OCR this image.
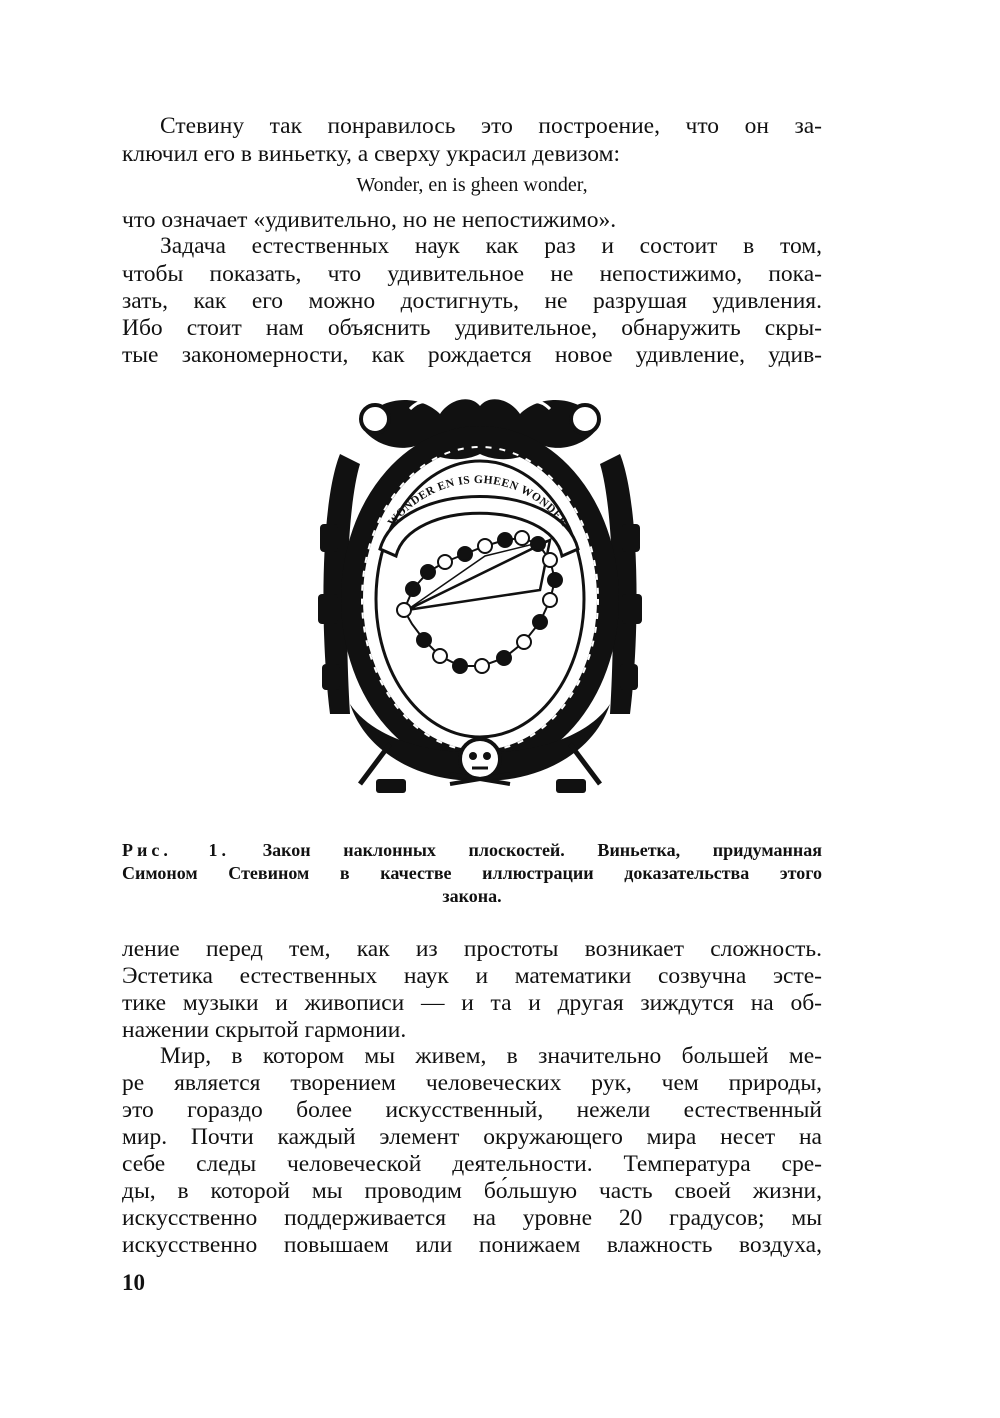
Стевину так понравилось это построение, что он за-
ключил его в виньетку, а сверху украсил девизом:
Wonder, en is gheen wonder,
что означает «удивительно, но не непостижимо».
Задача естественных наук как раз и состоит в том,
чтобы показать, что удивительное не непостижимо, пока-
зать, как его можно достигнуть, не разрушая удивления.
Ибо стоит нам объяснить удивительное, обнаружить скры-
тые закономерности, как рождается новое удивление, удив-
WONDER EN IS GHEEN WONDER
Рис. 1. Закон наклонных плоскостей. Виньетка, придуманная
Симоном Стевином в качестве иллюстрации доказательства этого
закона.
ление перед тем, как из простоты возникает сложность.
Эстетика естественных наук и математики созвучна эсте-
тике музыки и живописи — и та и другая зиждутся на об-
нажении скрытой гармонии.
Мир, в котором мы живем, в значительно большей ме-
ре является творением человеческих рук, чем природы,
это гораздо более искусственный, нежели естественный
мир. Почти каждый элемент окружающего мира несет на
себе следы человеческой деятельности. Температура сре-
ды, в которой мы проводим бо́льшую часть своей жизни,
искусственно поддерживается на уровне 20 градусов; мы
искусственно повышаем или понижаем влажность воздуха,
10
